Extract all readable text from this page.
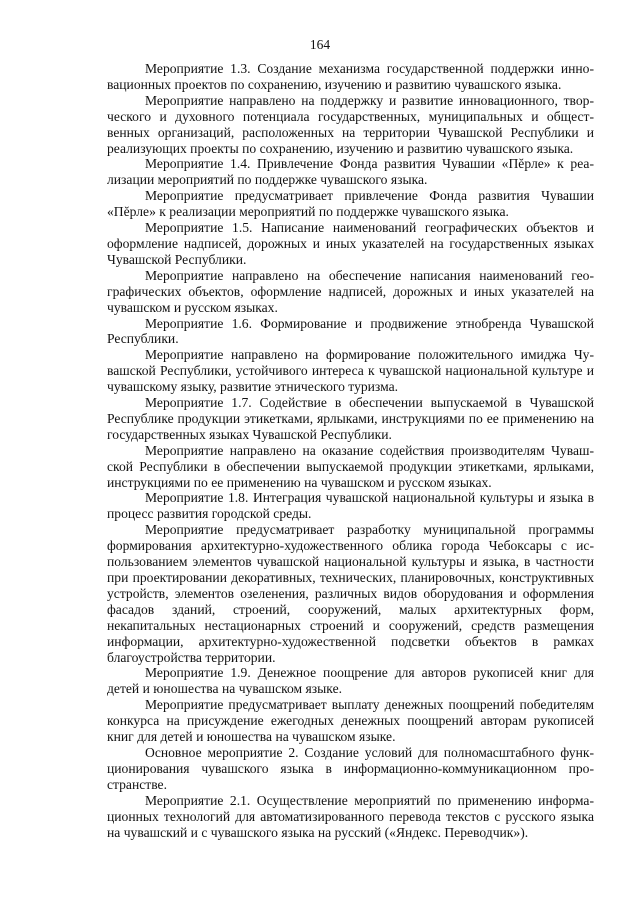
164

Мероприятие 1.3. Создание механизма государственной поддержки инновационных проектов по сохранению, изучению и развитию чувашского языка.

Мероприятие направлено на поддержку и развитие инновационного, творческого и духовного потенциала государственных, муниципальных и общественных организаций, расположенных на территории Чувашской Республики и реализующих проекты по сохранению, изучению и развитию чувашского языка.

Мероприятие 1.4. Привлечение Фонда развития Чувашии «Пĕрле» к реализации мероприятий по поддержке чувашского языка.

Мероприятие предусматривает привлечение Фонда развития Чувашии «Пĕрле» к реализации мероприятий по поддержке чувашского языка.

Мероприятие 1.5. Написание наименований географических объектов и оформление надписей, дорожных и иных указателей на государственных языках Чувашской Республики.

Мероприятие направлено на обеспечение написания наименований географических объектов, оформление надписей, дорожных и иных указателей на чувашском и русском языках.

Мероприятие 1.6. Формирование и продвижение этнобренда Чувашской Республики.

Мероприятие направлено на формирование положительного имиджа Чувашской Республики, устойчивого интереса к чувашской национальной культуре и чувашскому языку, развитие этнического туризма.

Мероприятие 1.7. Содействие в обеспечении выпускаемой в Чувашской Республике продукции этикетками, ярлыками, инструкциями по ее применению на государственных языках Чувашской Республики.

Мероприятие направлено на оказание содействия производителям Чувашской Республики в обеспечении выпускаемой продукции этикетками, ярлыками, инструкциями по ее применению на чувашском и русском языках.

Мероприятие 1.8. Интеграция чувашской национальной культуры и языка в процесс развития городской среды.

Мероприятие предусматривает разработку муниципальной программы формирования архитектурно-художественного облика города Чебоксары с использованием элементов чувашской национальной культуры и языка, в частности при проектировании декоративных, технических, планировочных, конструктивных устройств, элементов озеленения, различных видов оборудования и оформления фасадов зданий, строений, сооружений, малых архитектурных форм, некапитальных нестационарных строений и сооружений, средств размещения информации, архитектурно-художественной подсветки объектов в рамках благоустройства территории.

Мероприятие 1.9. Денежное поощрение для авторов рукописей книг для детей и юношества на чувашском языке.

Мероприятие предусматривает выплату денежных поощрений победителям конкурса на присуждение ежегодных денежных поощрений авторам рукописей книг для детей и юношества на чувашском языке.

Основное мероприятие 2. Создание условий для полномасштабного функционирования чувашского языка в информационно-коммуникационном пространстве.

Мероприятие 2.1. Осуществление мероприятий по применению информационных технологий для автоматизированного перевода текстов с русского языка на чувашский и с чувашского языка на русский («Яндекс. Переводчик»).
